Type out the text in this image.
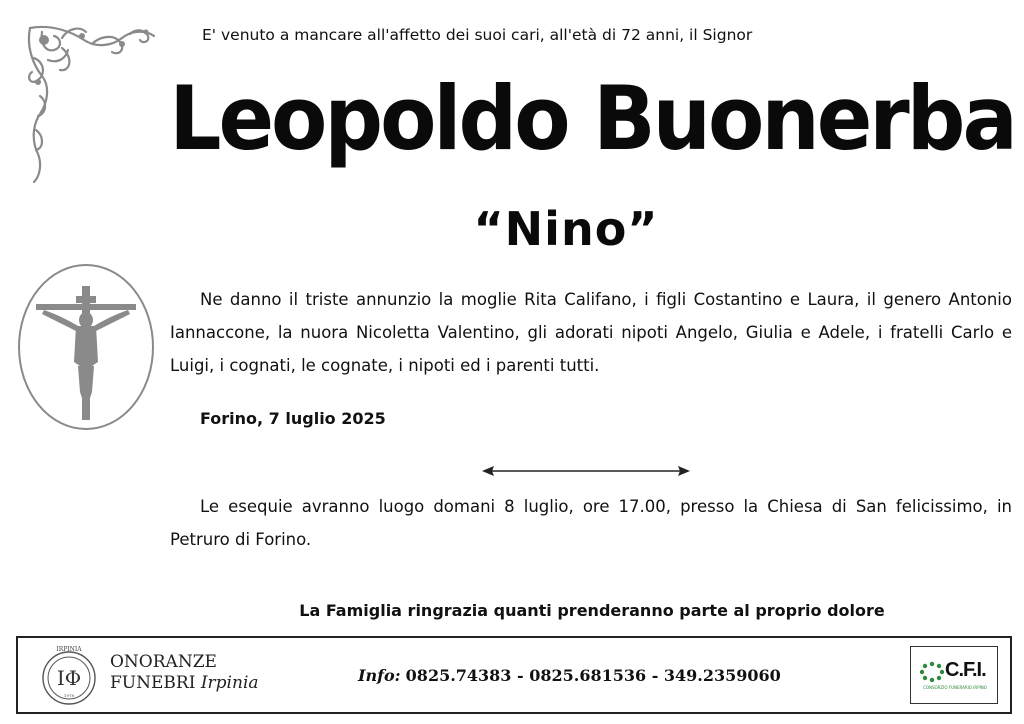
E' venuto a mancare all'affetto dei suoi cari, all'età di 72 anni, il Signor
Leopoldo Buonerba
“Nino”
Ne danno il triste annunzio la moglie Rita Califano, i figli Costantino e Laura, il genero Antonio Iannaccone, la nuora Nicoletta Valentino, gli adorati nipoti Angelo, Giulia e Adele, i fratelli Carlo e Luigi, i cognati, le cognate, i nipoti ed i parenti tutti.
Forino, 7 luglio 2025
Le esequie avranno luogo domani 8 luglio, ore 17.00, presso la Chiesa di San felicissimo, in Petruro di Forino.
La Famiglia ringrazia quanti prenderanno parte al proprio dolore
ΙΦ
IRPINIA
1978
ONORANZE
FUNEBRI Irpinia	Info: 0825.74383 - 0825.681536 - 349.2359060	C.F.I.
CONSORZIO FUNERARIO IRPINO
